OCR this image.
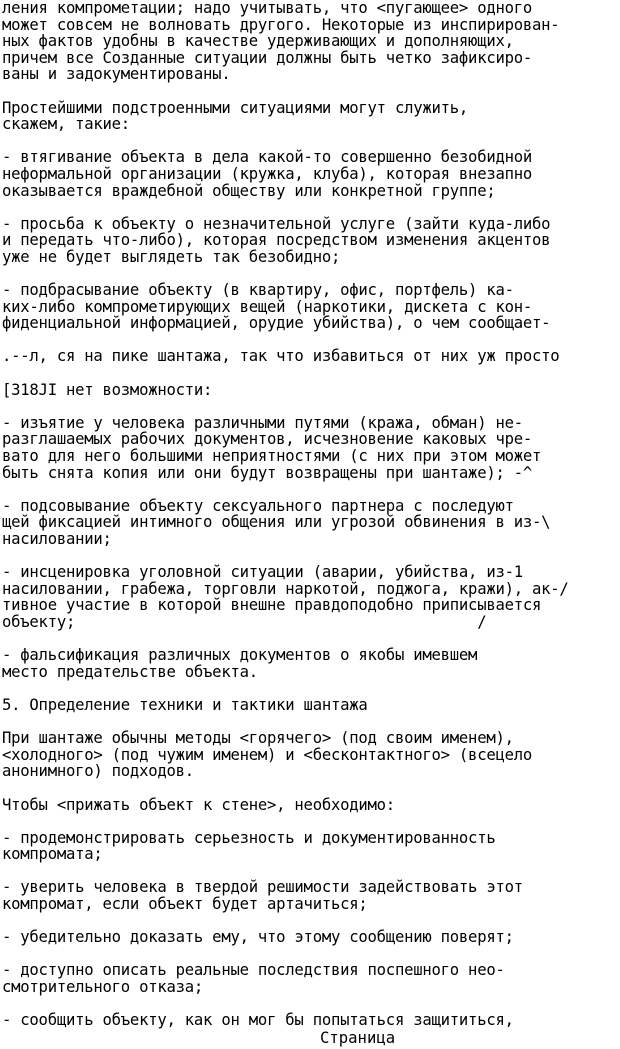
ления компрометации; надо учитывать, что <пугающее> одного
может совсем не волновать другого. Некоторые из инспирирован-
ных фактов удобны в качестве удерживающих и дополняющих,
причем все Созданные ситуации должны быть четко зафиксиро-
ваны и задокументированы.
Простейшими подстроенными ситуациями могут служить,
скажем, такие:
- втягивание объекта в дела какой-то совершенно безобидной
неформальной организации (кружка, клуба), которая внезапно
оказывается враждебной обществу или конкретной группе;
- просьба к объекту о незначительной услуге (зайти куда-либо
и передать что-либо), которая посредством изменения акцентов
уже не будет выглядеть так безобидно;
- подбрасывание объекту (в квартиру, офис, портфель) ка-
ких-либо компрометирующих вещей (наркотики, дискета с кон-
фиденциальной информацией, орудие убийства), о чем сообщает-
.--л, ся на пике шантажа, так что избавиться от них уж просто
[318JI нет возможности:
- изъятие у человека различными путями (кража, обман) не-
разглашаемых рабочих документов, исчезновение каковых чре-
вато для него большими неприятностями (с них при этом может
быть снята копия или они будут возвращены при шантаже); -^
- подсовывание объекту сексуального партнера с последуют
щей фиксацией интимного общения или угрозой обвинения в из-\
насиловании;
- инсценировка уголовной ситуации (аварии, убийства, из-1
насиловании, грабежа, торговли наркотой, поджога, кражи), ак-/
тивное участие в которой внешне правдоподобно приписывается
объекту;                                            /
- фальсификация различных документов о якобы имевшем
место предательстве объекта.
5. Определение техники и тактики шантажа
При шантаже обычны методы <горячего> (под своим именем),
<холодного> (под чужим именем) и <бесконтактного> (всецело
анонимного) подходов.
Чтобы <прижать объект к стене>, необходимо:
- продемонстрировать серьезность и документированность
компромата;
- уверить человека в твердой решимости задействовать этот
компромат, если объект будет артачиться;
- убедительно доказать ему, что этому сообщению поверят;
- доступно описать реальные последствия поспешного нео-
смотрительного отказа;
- сообщить объекту, как он мог бы попытаться защититься,
Страница
